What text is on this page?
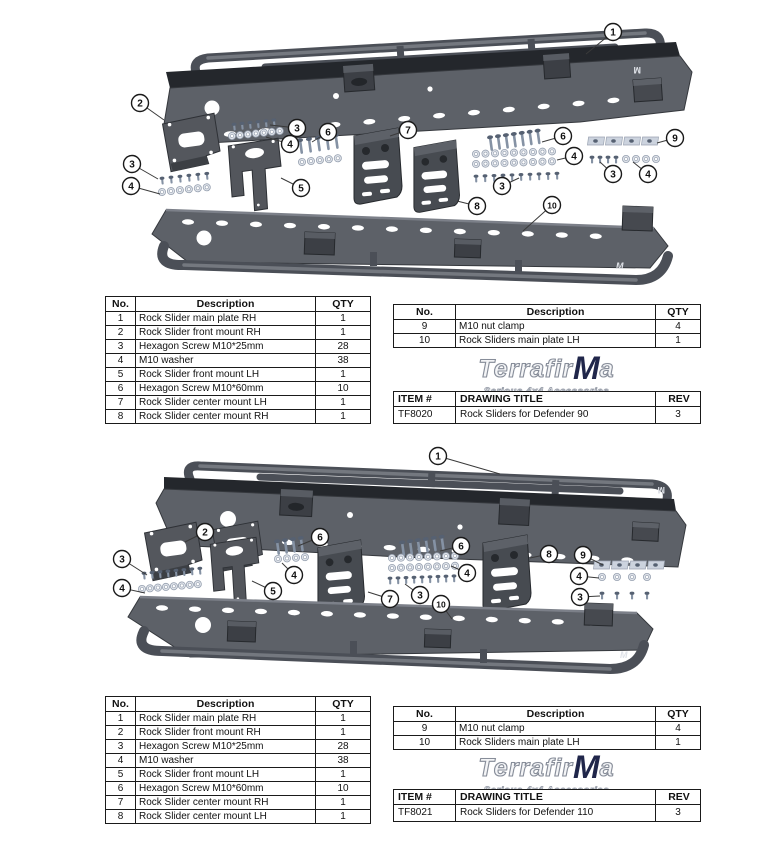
M
M
1
2
3
4
6
3
4	5
7
8
6
4
3
9
3	4
10
No.	Description	QTY
1	Rock Slider main plate RH	1
2	Rock Slider front mount RH	1
3	Hexagon Screw M10*25mm	28
4	M10 washer	38
5	Rock Slider front mount LH	1
6	Hexagon Screw M10*60mm	10
7	Rock Slider center mount LH	1
8	Rock Slider center mount RH	1
No.	Description	QTY
9	M10 nut clamp	4
10	Rock Sliders main plate LH	1
TerrafirMa
ITEM #	DRAWING TITLE	REV
TF8020	Rock Sliders for Defender 90	3
M
M
1
2
3
4	5
6
4
7
6
4
3
8	9
4
3
10
No.	Description	QTY
1	Rock Slider main plate RH	1
2	Rock Slider front mount RH	1
3	Hexagon Screw M10*25mm	28
4	M10 washer	38
5	Rock Slider front mount LH	1
6	Hexagon Screw M10*60mm	10
7	Rock Slider center mount RH	1
8	Rock Slider center mount LH	1
No.	Description	QTY
9	M10 nut clamp	4
10	Rock Sliders main plate LH	1
TerrafirMa
ITEM #	DRAWING TITLE	REV
TF8021	Rock Sliders for Defender 110	3
